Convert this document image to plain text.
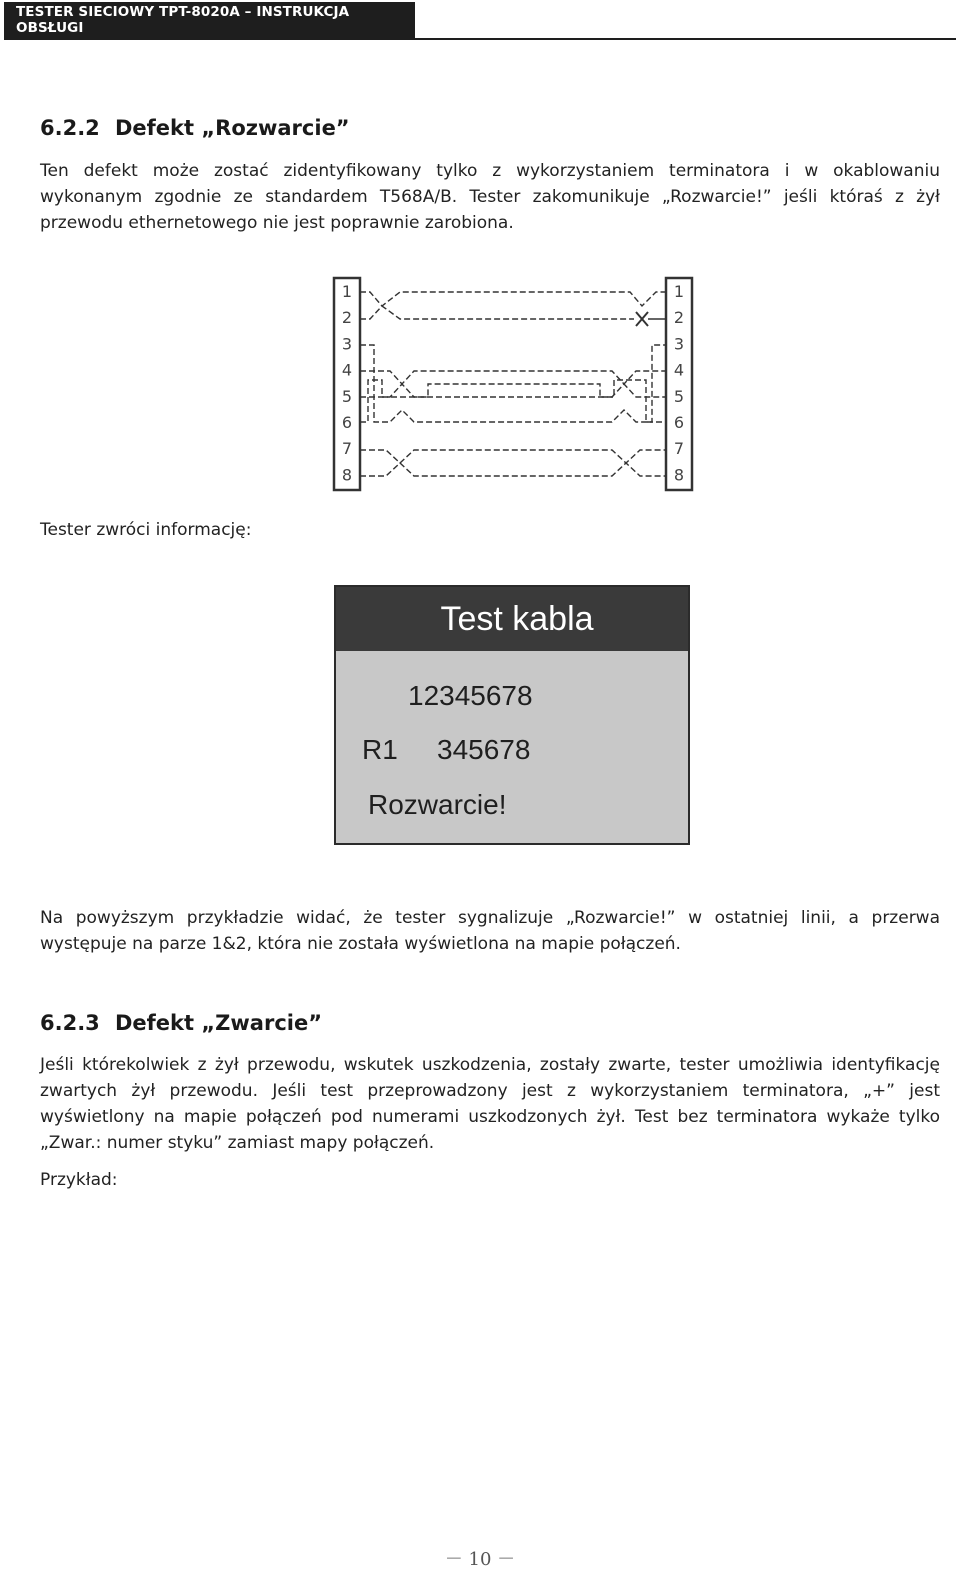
TESTER SIECIOWY TPT-8020A – INSTRUKCJA OBSŁUGI
6.2.2 Defekt „Rozwarcie”
Ten defekt może zostać zidentyfikowany tylko z wykorzystaniem terminatora i w okablowaniu wykonanym zgodnie ze standardem T568A/B. Tester zakomunikuje „Rozwarcie!” jeśli któraś z żył przewodu ethernetowego nie jest poprawnie zarobiona.
1
2
3
4
5
6
7
8
1
2
3
4
5
6
7
8
Tester zwróci informację:
Test kabla
12345678
R1 345678
Rozwarcie!
Na powyższym przykładzie widać, że tester sygnalizuje „Rozwarcie!” w ostatniej linii, a przerwa występuje na parze 1&2, która nie została wyświetlona na mapie połączeń.
6.2.3 Defekt „Zwarcie”
Jeśli którekolwiek z żył przewodu, wskutek uszkodzenia, zostały zwarte, tester umożliwia identyfikację zwartych żył przewodu. Jeśli test przeprowadzony jest z wykorzystaniem terminatora, „+” jest wyświetlony na mapie połączeń pod numerami uszkodzonych żył. Test bez terminatora wykaże tylko „Zwar.: numer styku” zamiast mapy połączeń.
Przykład:
－ 10 －
